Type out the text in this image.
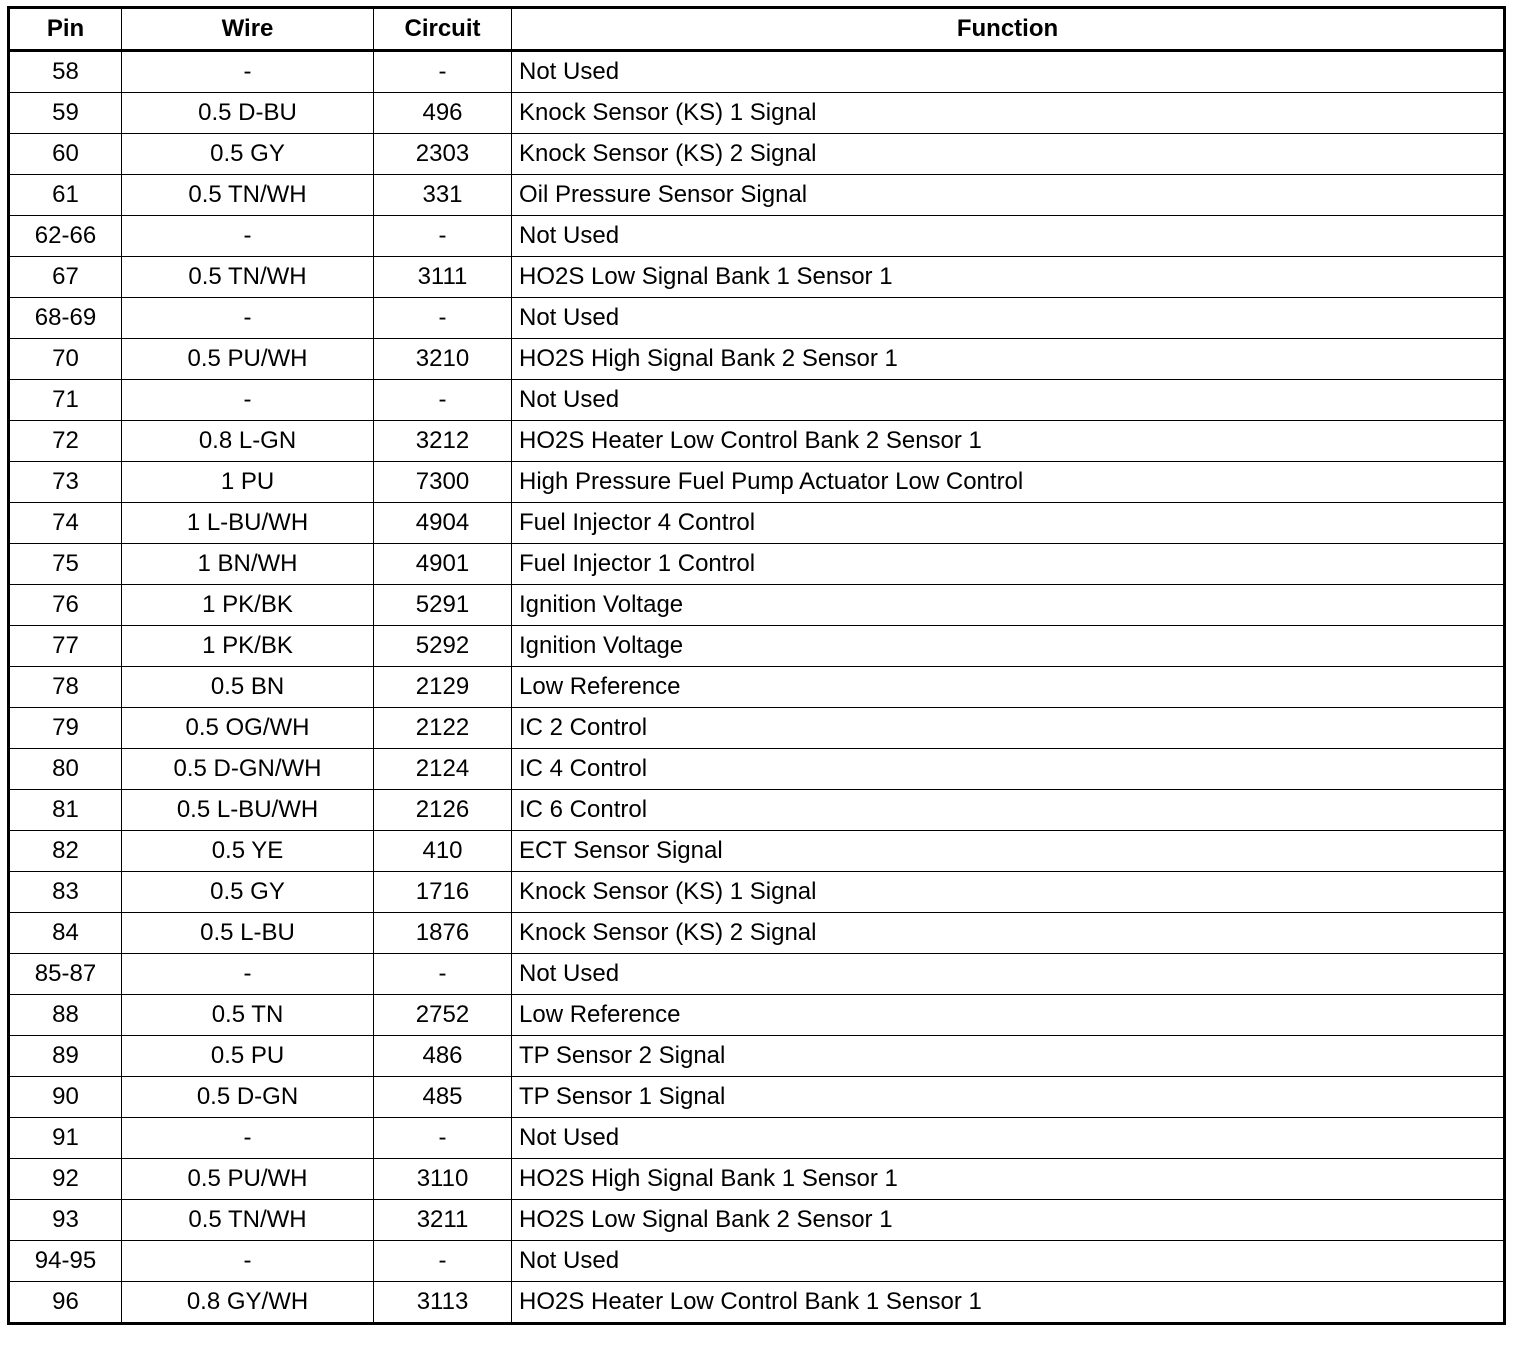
Pin	Wire	Circuit	Function
58	-	-	Not Used
59	0.5 D-BU	496	Knock Sensor (KS) 1 Signal
60	0.5 GY	2303	Knock Sensor (KS) 2 Signal
61	0.5 TN/WH	331	Oil Pressure Sensor Signal
62-66	-	-	Not Used
67	0.5 TN/WH	3111	HO2S Low Signal Bank 1 Sensor 1
68-69	-	-	Not Used
70	0.5 PU/WH	3210	HO2S High Signal Bank 2 Sensor 1
71	-	-	Not Used
72	0.8 L-GN	3212	HO2S Heater Low Control Bank 2 Sensor 1
73	1 PU	7300	High Pressure Fuel Pump Actuator Low Control
74	1 L-BU/WH	4904	Fuel Injector 4 Control
75	1 BN/WH	4901	Fuel Injector 1 Control
76	1 PK/BK	5291	Ignition Voltage
77	1 PK/BK	5292	Ignition Voltage
78	0.5 BN	2129	Low Reference
79	0.5 OG/WH	2122	IC 2 Control
80	0.5 D-GN/WH	2124	IC 4 Control
81	0.5 L-BU/WH	2126	IC 6 Control
82	0.5 YE	410	ECT Sensor Signal
83	0.5 GY	1716	Knock Sensor (KS) 1 Signal
84	0.5 L-BU	1876	Knock Sensor (KS) 2 Signal
85-87	-	-	Not Used
88	0.5 TN	2752	Low Reference
89	0.5 PU	486	TP Sensor 2 Signal
90	0.5 D-GN	485	TP Sensor 1 Signal
91	-	-	Not Used
92	0.5 PU/WH	3110	HO2S High Signal Bank 1 Sensor 1
93	0.5 TN/WH	3211	HO2S Low Signal Bank 2 Sensor 1
94-95	-	-	Not Used
96	0.8 GY/WH	3113	HO2S Heater Low Control Bank 1 Sensor 1
